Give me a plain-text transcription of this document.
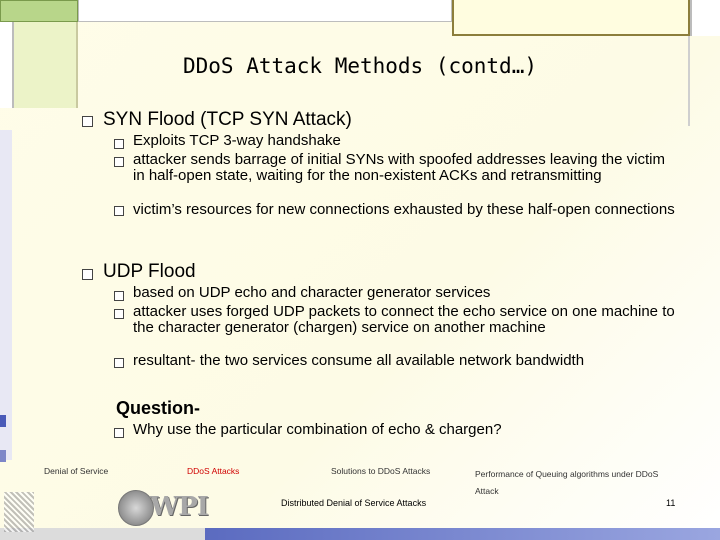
DDoS Attack Methods (contd…)
SYN Flood (TCP SYN Attack)
Exploits TCP 3-way handshake
attacker sends barrage of initial SYNs with spoofed addresses leaving the victim in half-open state, waiting for the non-existent ACKs and retransmitting
victim’s resources for new connections exhausted by these half-open connections
UDP Flood
based on UDP echo and character generator services
attacker uses forged UDP packets to connect the echo service on one machine to the character generator (chargen) service on another machine
resultant- the two services consume all available network bandwidth
Question-
Why use the particular combination of echo & chargen?
Denial of Service	DDoS Attacks	Solutions to DDoS Attacks	Performance of Queuing algorithms under DDoS Attack
WPI	Distributed Denial of Service Attacks	11
